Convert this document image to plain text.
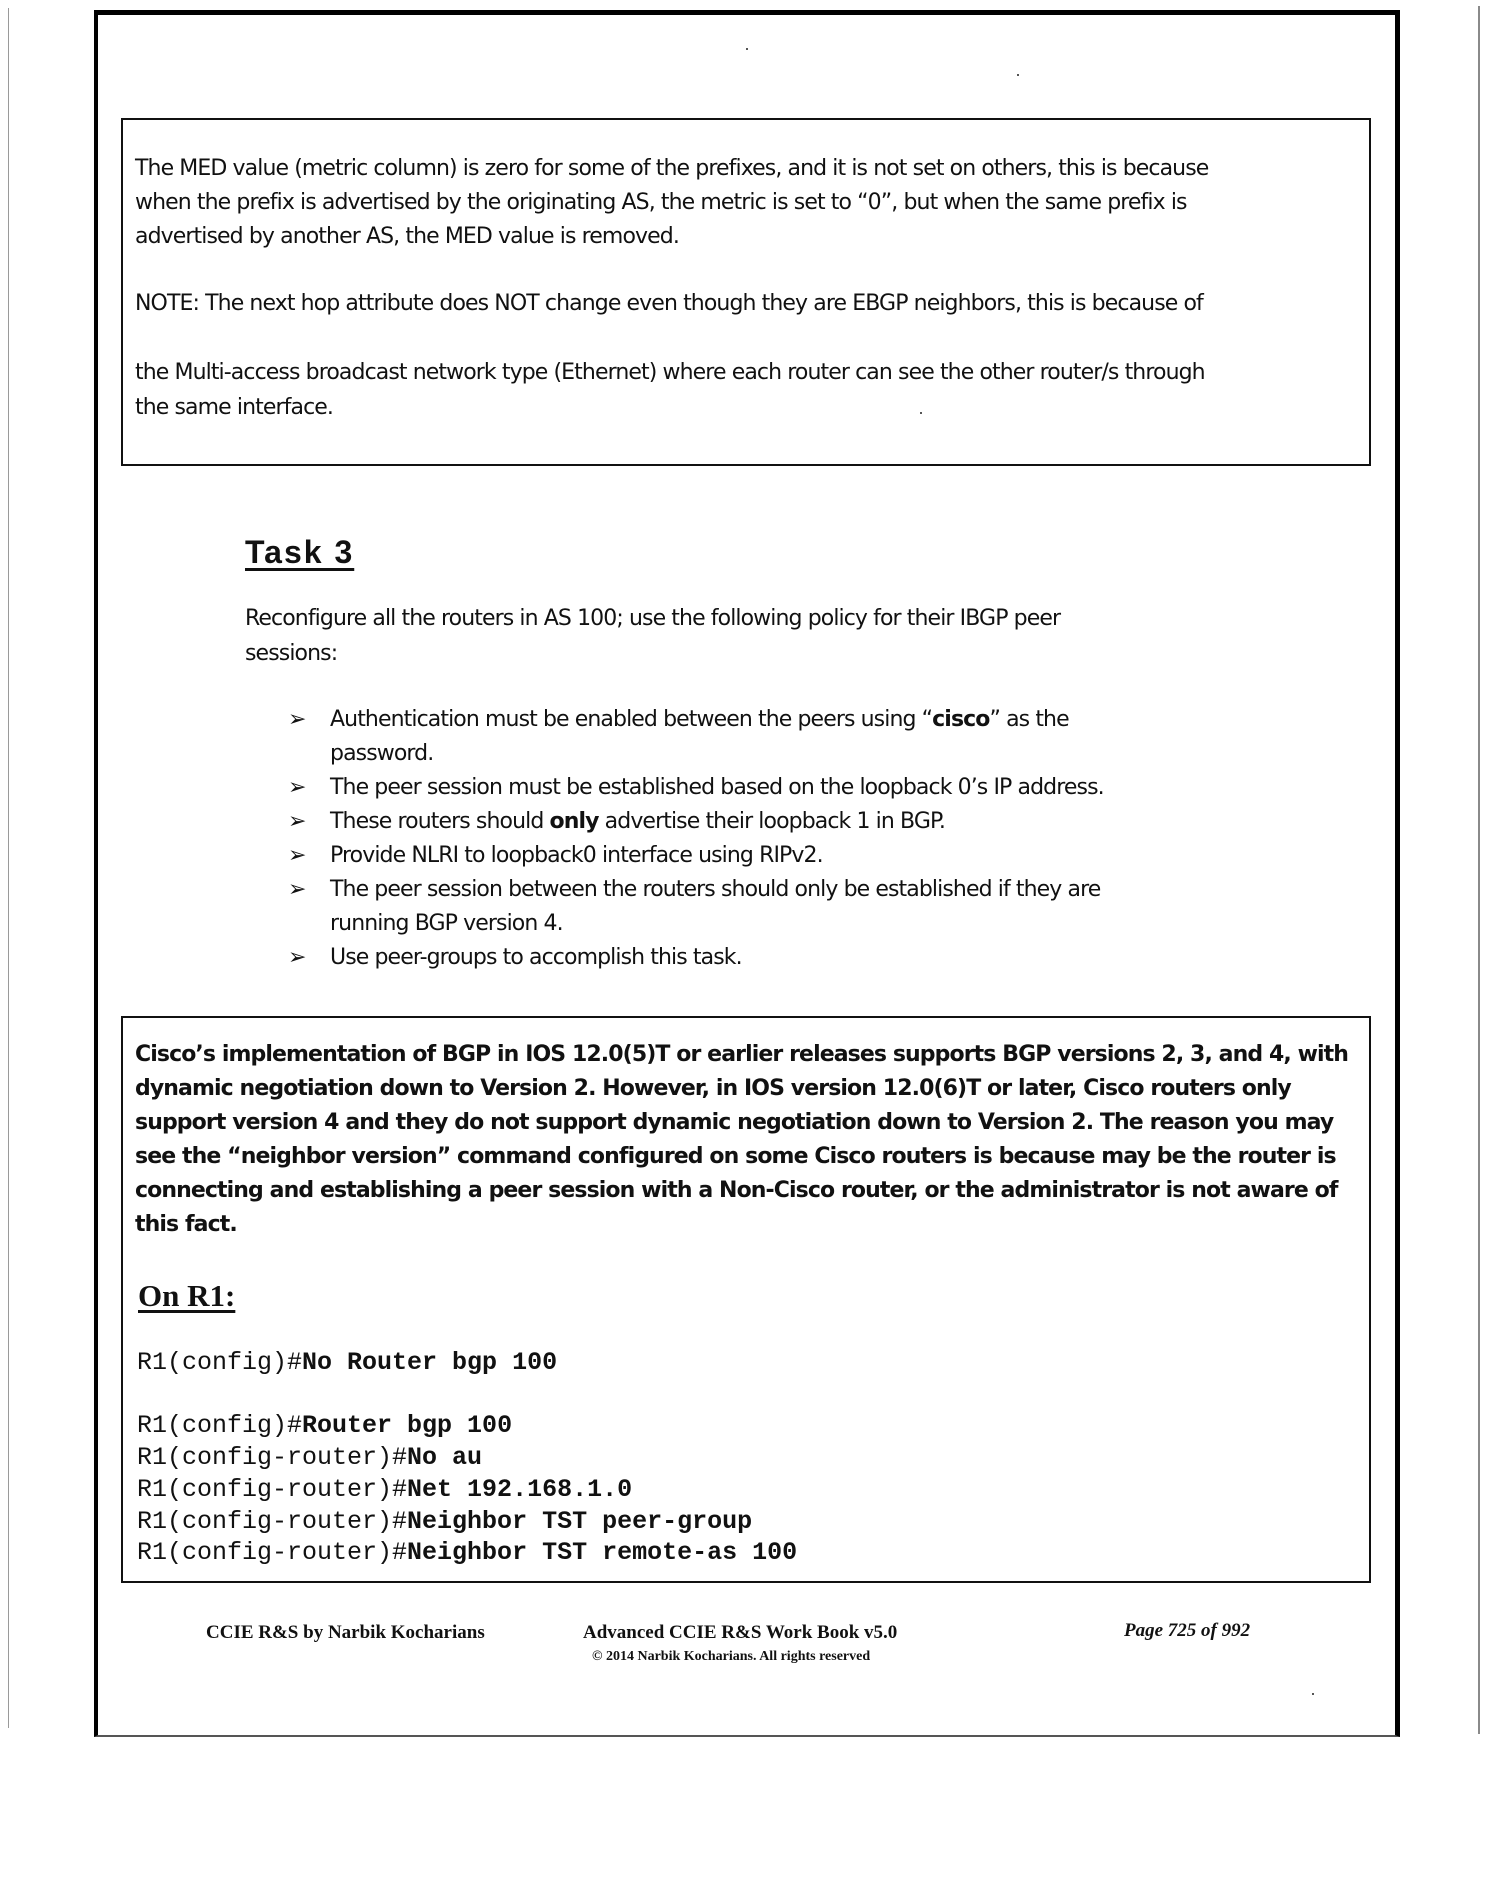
The MED value (metric column) is zero for some of the prefixes, and it is not set on others, this is because
when the prefix is advertised by the originating AS, the metric is set to “0”, but when the same prefix is
advertised by another AS, the MED value is removed.
NOTE: The next hop attribute does NOT change even though they are EBGP neighbors, this is because of
the Multi-access broadcast network type (Ethernet) where each router can see the other router/s through
the same interface.
Task 3
Reconfigure all the routers in AS 100; use the following policy for their IBGP peer
sessions:
➢ Authentication must be enabled between the peers using “cisco” as the
password.
➢ The peer session must be established based on the loopback 0’s IP address.
➢ These routers should only advertise their loopback 1 in BGP.
➢ Provide NLRI to loopback0 interface using RIPv2.
➢ The peer session between the routers should only be established if they are
running BGP version 4.
➢ Use peer-groups to accomplish this task.
Cisco’s implementation of BGP in IOS 12.0(5)T or earlier releases supports BGP versions 2, 3, and 4, with
dynamic negotiation down to Version 2. However, in IOS version 12.0(6)T or later, Cisco routers only
support version 4 and they do not support dynamic negotiation down to Version 2. The reason you may
see the “neighbor version” command configured on some Cisco routers is because may be the router is
connecting and establishing a peer session with a Non-Cisco router, or the administrator is not aware of
this fact.
On R1:
R1(config)#No Router bgp 100
R1(config)#Router bgp 100
R1(config-router)#No au
R1(config-router)#Net 192.168.1.0
R1(config-router)#Neighbor TST peer-group
R1(config-router)#Neighbor TST remote-as 100
CCIE R&S by Narbik Kocharians	Advanced CCIE R&S Work Book v5.0
© 2014 Narbik Kocharians. All rights reserved
Page 725 of 992
